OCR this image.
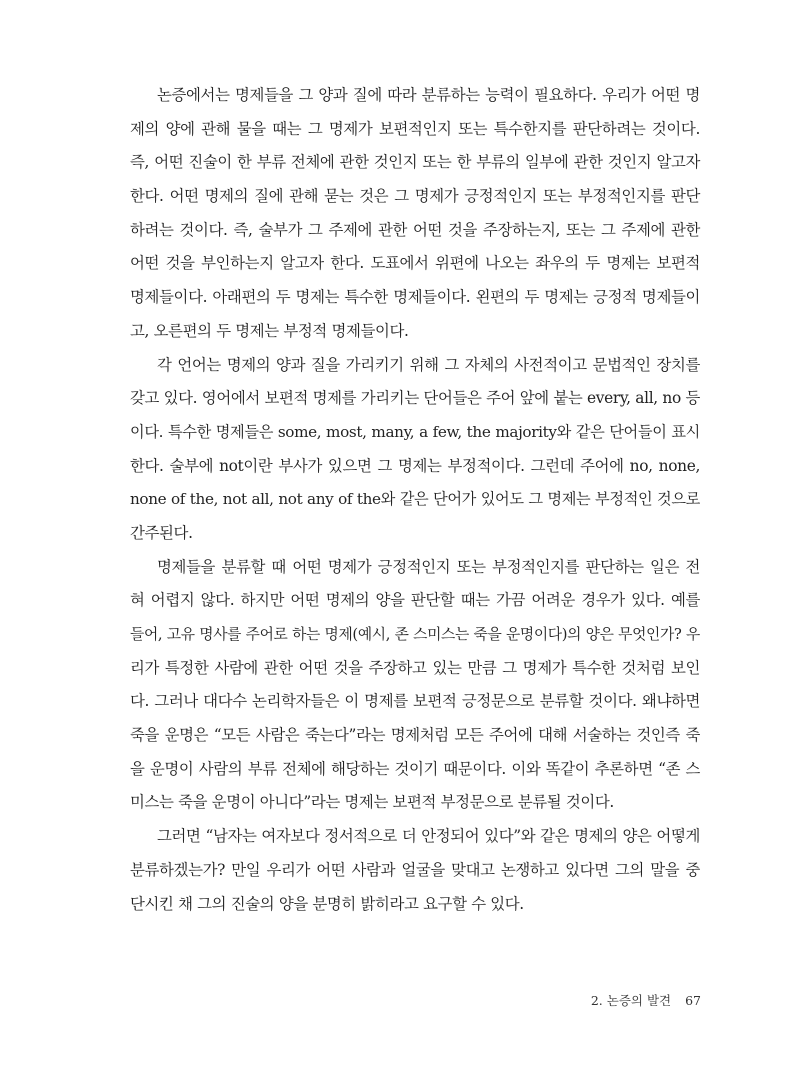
논증에서는 명제들을 그 양과 질에 따라 분류하는 능력이 필요하다. 우리가 어떤 명
제의 양에 관해 물을 때는 그 명제가 보편적인지 또는 특수한지를 판단하려는 것이다.
즉, 어떤 진술이 한 부류 전체에 관한 것인지 또는 한 부류의 일부에 관한 것인지 알고자
한다. 어떤 명제의 질에 관해 묻는 것은 그 명제가 긍정적인지 또는 부정적인지를 판단
하려는 것이다. 즉, 술부가 그 주제에 관한 어떤 것을 주장하는지, 또는 그 주제에 관한
어떤 것을 부인하는지 알고자 한다. 도표에서 위편에 나오는 좌우의 두 명제는 보편적
명제들이다. 아래편의 두 명제는 특수한 명제들이다. 왼편의 두 명제는 긍정적 명제들이
고, 오른편의 두 명제는 부정적 명제들이다.
각 언어는 명제의 양과 질을 가리키기 위해 그 자체의 사전적이고 문법적인 장치를
갖고 있다. 영어에서 보편적 명제를 가리키는 단어들은 주어 앞에 붙는 every, all, no 등
이다. 특수한 명제들은 some, most, many, a few, the majority와 같은 단어들이 표시
한다. 술부에 not이란 부사가 있으면 그 명제는 부정적이다. 그런데 주어에 no, none,
none of the, not all, not any of the와 같은 단어가 있어도 그 명제는 부정적인 것으로
간주된다.
명제들을 분류할 때 어떤 명제가 긍정적인지 또는 부정적인지를 판단하는 일은 전
혀 어렵지 않다. 하지만 어떤 명제의 양을 판단할 때는 가끔 어려운 경우가 있다. 예를
들어, 고유 명사를 주어로 하는 명제(예시, 존 스미스는 죽을 운명이다)의 양은 무엇인가? 우
리가 특정한 사람에 관한 어떤 것을 주장하고 있는 만큼 그 명제가 특수한 것처럼 보인
다. 그러나 대다수 논리학자들은 이 명제를 보편적 긍정문으로 분류할 것이다. 왜냐하면
죽을 운명은 “모든 사람은 죽는다”라는 명제처럼 모든 주어에 대해 서술하는 것인즉 죽
을 운명이 사람의 부류 전체에 해당하는 것이기 때문이다. 이와 똑같이 추론하면 “존 스
미스는 죽을 운명이 아니다”라는 명제는 보편적 부정문으로 분류될 것이다.
그러면 “남자는 여자보다 정서적으로 더 안정되어 있다”와 같은 명제의 양은 어떻게
분류하겠는가? 만일 우리가 어떤 사람과 얼굴을 맞대고 논쟁하고 있다면 그의 말을 중
단시킨 채 그의 진술의 양을 분명히 밝히라고 요구할 수 있다.
2. 논증의 발견 67
